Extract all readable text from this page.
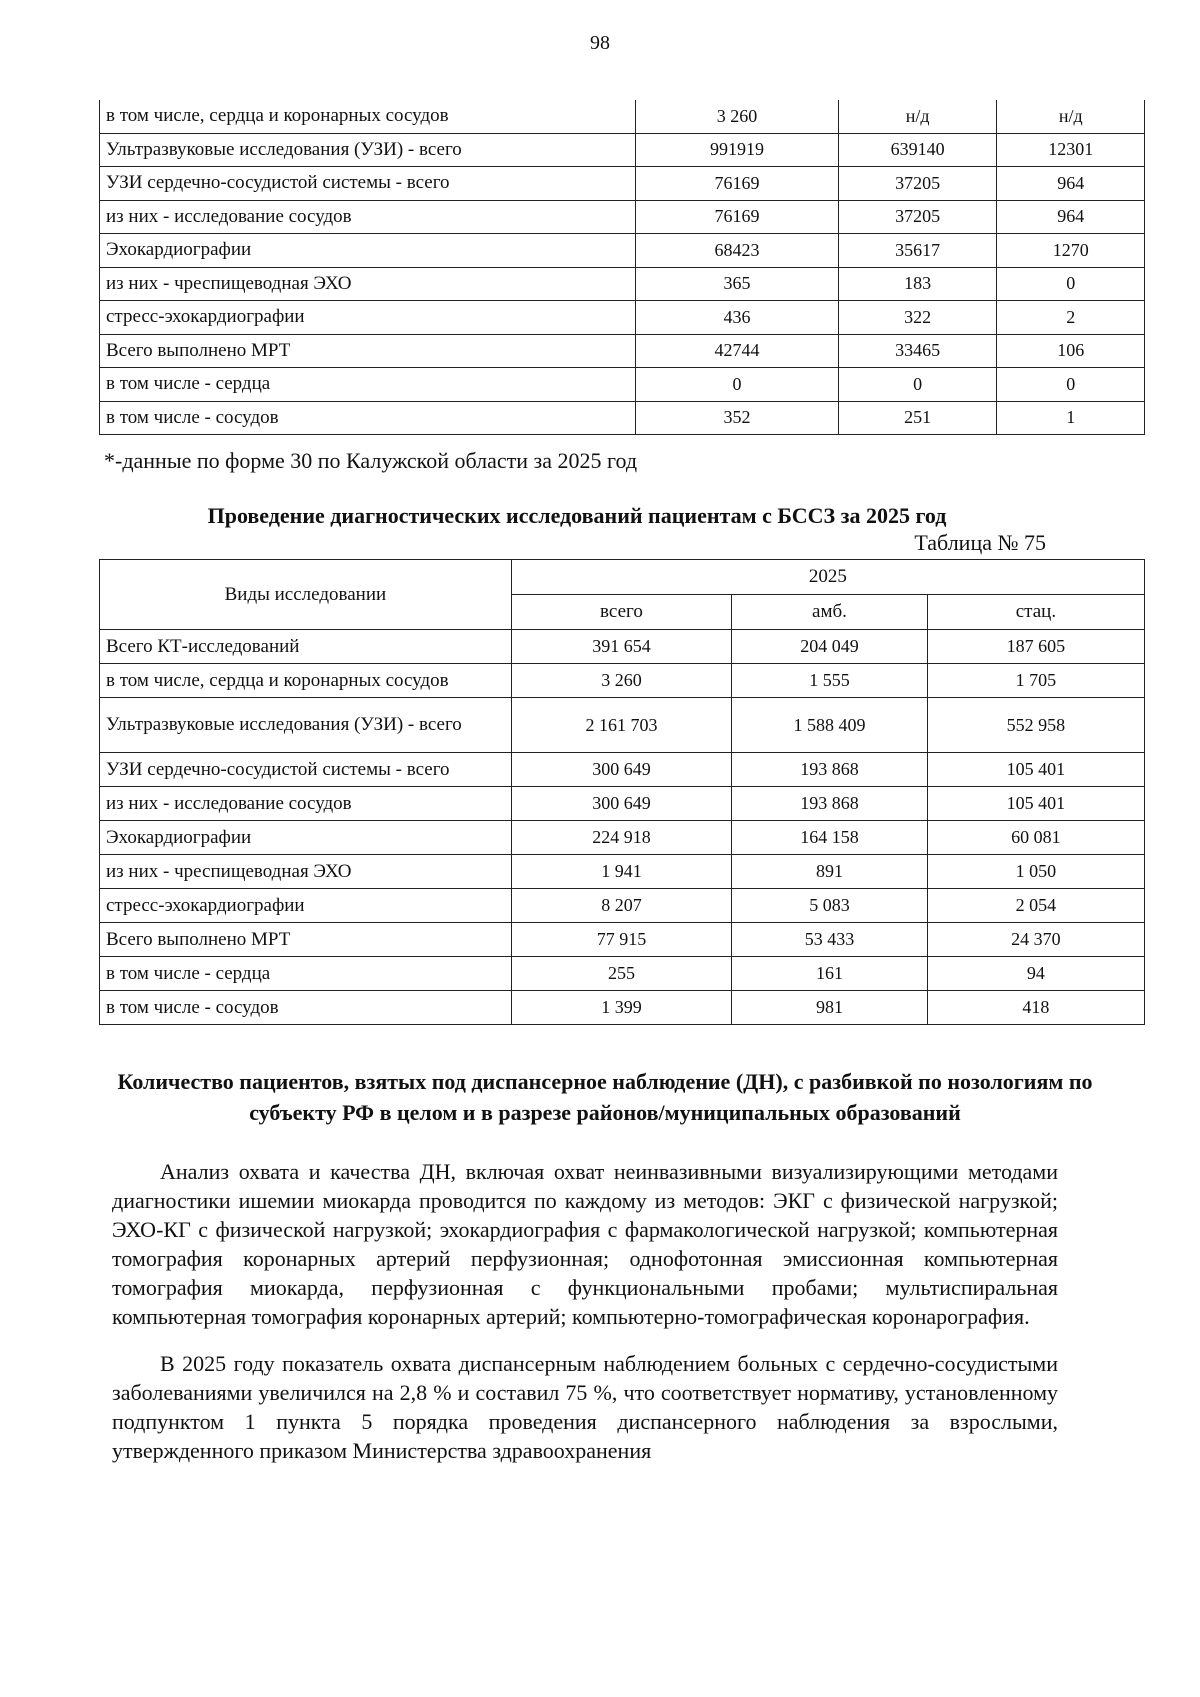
98
в том числе, сердца и коронарных сосудов	3 260	н/д	н/д
Ультразвуковые исследования (УЗИ) - всего	991919	639140	12301
УЗИ сердечно-сосудистой системы - всего	76169	37205	964
из них - исследование сосудов	76169	37205	964
Эхокардиографии	68423	35617	1270
из них - чреспищеводная ЭХО	365	183	0
стресс-эхокардиографии	436	322	2
Всего выполнено МРТ	42744	33465	106
в том числе - сердца	0	0	0
в том числе - сосудов	352	251	1
*-данные по форме 30 по Калужской области за 2025 год
Проведение диагностических исследований пациентам с БССЗ за 2025 год
Таблица № 75
Виды исследовании	2025		
	всего	амб.	стац.
Всего КТ-исследований	391 654	204 049	187 605
в том числе, сердца и коронарных сосудов	3 260	1 555	1 705
Ультразвуковые исследования (УЗИ) - всего	2 161 703	1 588 409	552 958
УЗИ сердечно-сосудистой системы - всего	300 649	193 868	105 401
из них - исследование сосудов	300 649	193 868	105 401
Эхокардиографии	224 918	164 158	60 081
из них - чреспищеводная ЭХО	1 941	891	1 050
стресс-эхокардиографии	8 207	5 083	2 054
Всего выполнено МРТ	77 915	53 433	24 370
в том числе - сердца	255	161	94
в том числе - сосудов	1 399	981	418
Количество пациентов, взятых под диспансерное наблюдение (ДН), с разбивкой по нозологиям по субъекту РФ в целом и в разрезе районов/муниципальных образований

Анализ охвата и качества ДН, включая охват неинвазивными визуализирующими методами диагностики ишемии миокарда проводится по каждому из методов: ЭКГ с физической нагрузкой; ЭХО-КГ с физической нагрузкой; эхокардиография с фармакологической нагрузкой; компьютерная томография коронарных артерий перфузионная; однофотонная эмиссионная компьютерная томография миокарда, перфузионная с функциональными пробами; мультиспиральная компьютерная томография коронарных артерий; компьютерно-томографическая коронарография.

В 2025 году показатель охвата диспансерным наблюдением больных с сердечно-сосудистыми заболеваниями увеличился на 2,8 % и составил 75 %, что соответствует нормативу, установленному подпунктом 1 пункта 5 порядка проведения диспансерного наблюдения за взрослыми, утвержденного приказом Министерства здравоохранения
